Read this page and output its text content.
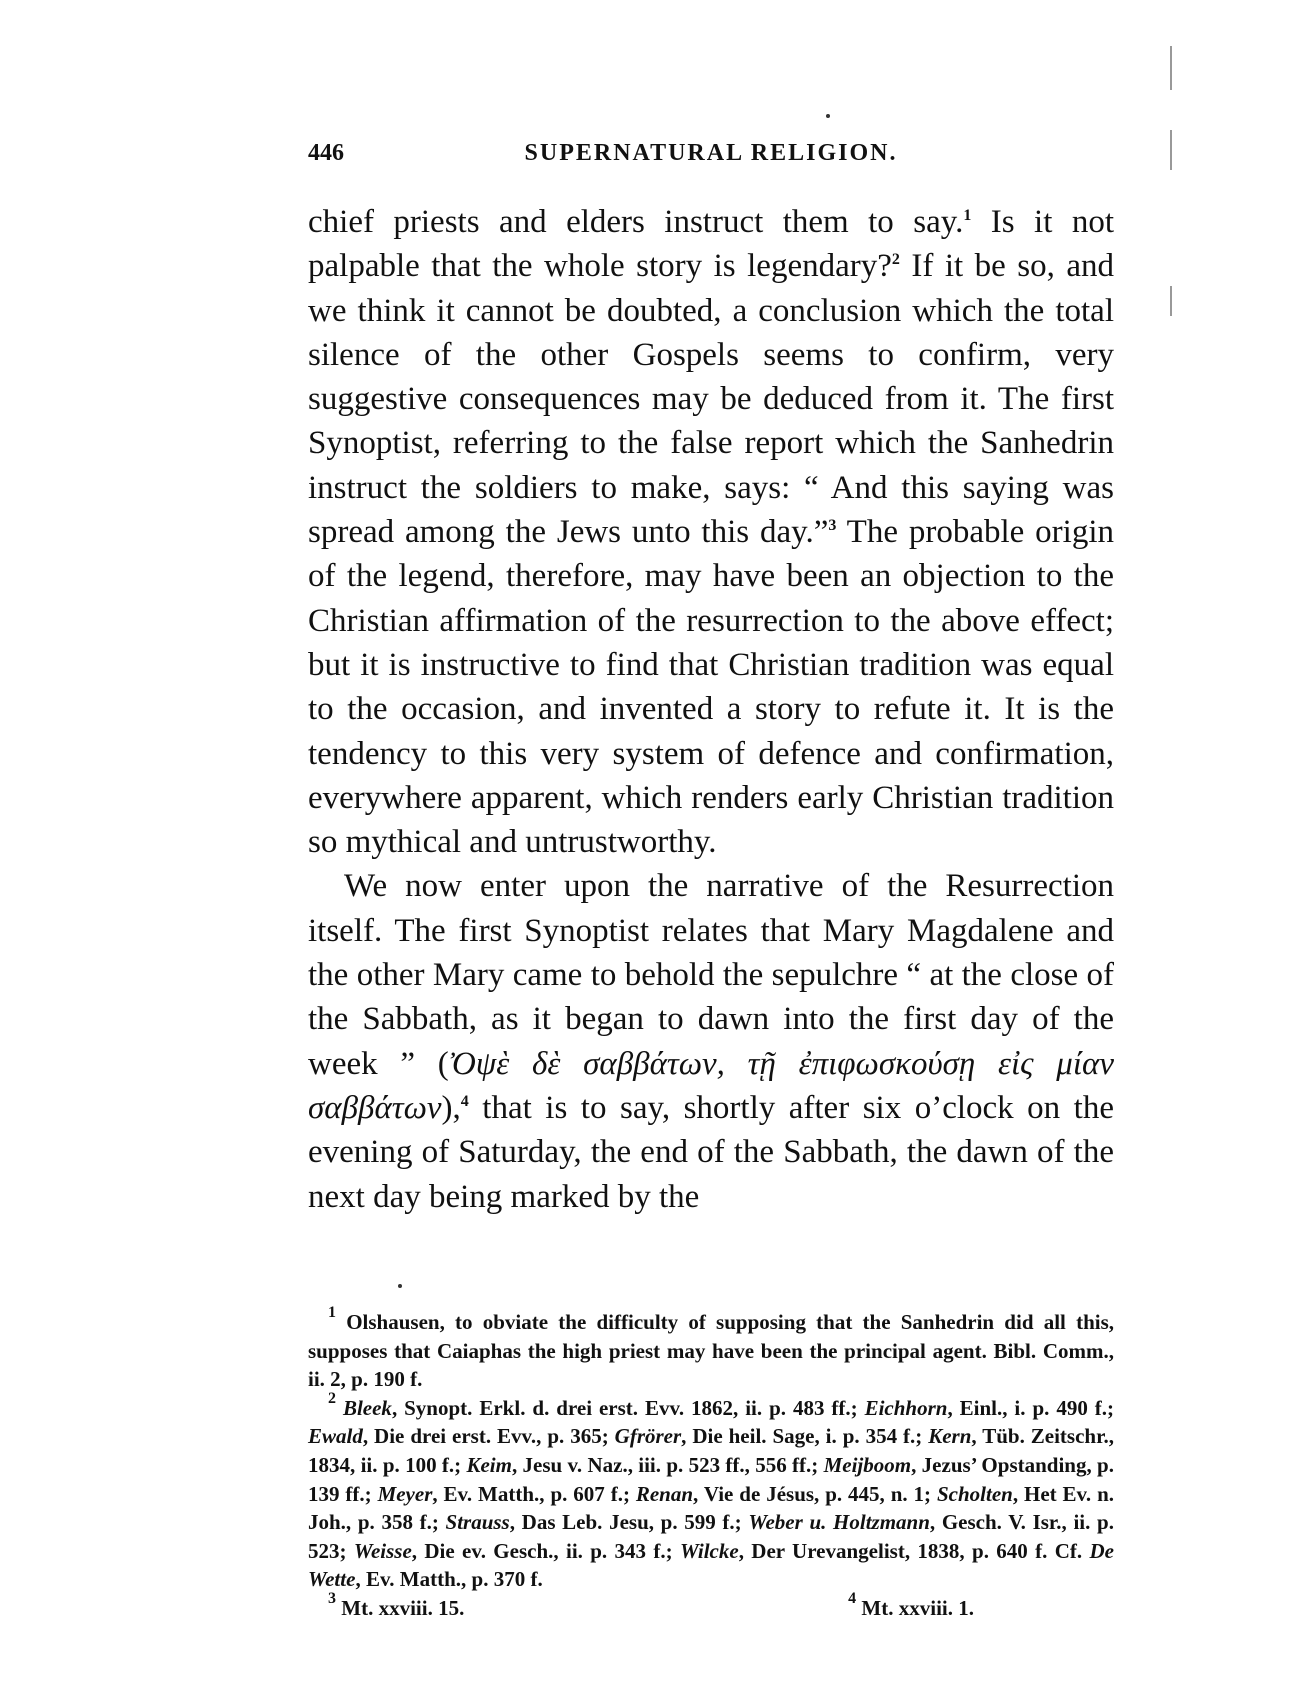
446	SUPERNATURAL RELIGION.

chief priests and elders instruct them to say.$^1$ Is it not palpable that the whole story is legendary?$^2$ If it be so, and we think it cannot be doubted, a conclusion which the total silence of the other Gospels seems to confirm, very suggestive consequences may be deduced from it. The first Synoptist, referring to the false report which the Sanhedrin instruct the soldiers to make, says: “ And this saying was spread among the Jews unto this day.”$^3$ The probable origin of the legend, therefore, may have been an objection to the Christian affirmation of the resurrection to the above effect; but it is instructive to find that Christian tradition was equal to the occasion, and invented a story to refute it. It is the tendency to this very system of defence and confirmation, everywhere apparent, which renders early Christian tradition so mythical and untrustworthy.

We now enter upon the narrative of the Resurrection itself. The first Synoptist relates that Mary Magdalene and the other Mary came to behold the sepulchre “ at the close of the Sabbath, as it began to dawn into the first day of the week ” (Ὀψὲ δὲ σαββάτων, τῇ ἐπιφωσκούσῃ εἰς μίαν σαββάτων),$^4$ that is to say, shortly after six o’clock on the evening of Saturday, the end of the Sabbath, the dawn of the next day being marked by the

$^1$ Olshausen, to obviate the difficulty of supposing that the Sanhedrin did all this, supposes that Caiaphas the high priest may have been the principal agent. Bibl. Comm., ii. 2, p. 190 f.

$^2$ Bleek, Synopt. Erkl. d. drei erst. Evv. 1862, ii. p. 483 ff.; Eichhorn, Einl., i. p. 490 f.; Ewald, Die drei erst. Evv., p. 365; Gfrörer, Die heil. Sage, i. p. 354 f.; Kern, Tüb. Zeitschr., 1834, ii. p. 100 f.; Keim, Jesu v. Naz., iii. p. 523 ff., 556 ff.; Meijboom, Jezus’ Opstanding, p. 139 ff.; Meyer, Ev. Matth., p. 607 f.; Renan, Vie de Jésus, p. 445, n. 1; Scholten, Het Ev. n. Joh., p. 358 f.; Strauss, Das Leb. Jesu, p. 599 f.; Weber u. Holtzmann, Gesch. V. Isr., ii. p. 523; Weisse, Die ev. Gesch., ii. p. 343 f.; Wilcke, Der Urevangelist, 1838, p. 640 f. Cf. De Wette, Ev. Matth., p. 370 f.

$^3$ Mt. xxviii. 15.	$^4$ Mt. xxviii. 1.
